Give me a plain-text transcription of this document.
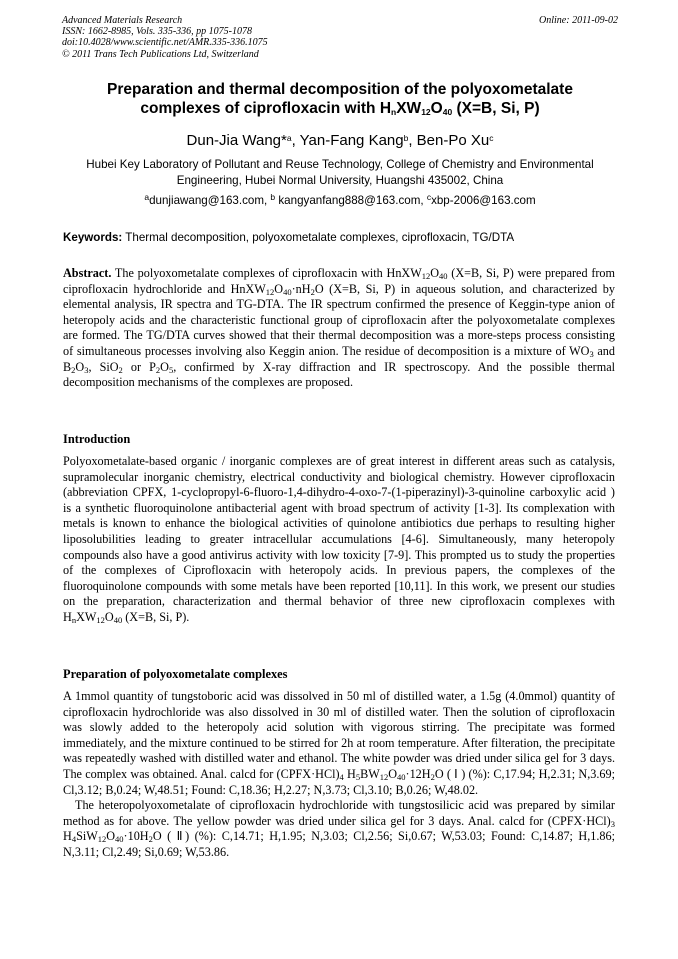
Advanced Materials Research	Online: 2011-09-02
ISSN: 1662-8985, Vols. 335-336, pp 1075-1078
doi:10.4028/www.scientific.net/AMR.335-336.1075
© 2011 Trans Tech Publications Ltd, Switzerland
Preparation and thermal decomposition of the polyoxometalate
complexes of ciprofloxacin with $H_nXW_{12}O_{40}$ (X=B, Si, P)
Dun-Jia Wang*$^a$, Yan-Fang Kang$^b$, Ben-Po Xu$^c$
Hubei Key Laboratory of Pollutant and Reuse Technology, College of Chemistry and Environmental Engineering, Hubei Normal University, Huangshi 435002, China
$^a$dunjiawang@163.com, $^b$ kangyanfang888@163.com, $^c$xbp-2006@163.com
Keywords: Thermal decomposition, polyoxometalate complexes, ciprofloxacin, TG/DTA
Abstract. The polyoxometalate complexes of ciprofloxacin with $HnXW_{12}O_{40}$ (X=B, Si, P) were prepared from ciprofloxacin hydrochloride and $HnXW_{12}O_{40}\cdot nH_2O$ (X=B, Si, P) in aqueous solution, and characterized by elemental analysis, IR spectra and TG-DTA. The IR spectrum confirmed the presence of Keggin-type anion of heteropoly acids and the characteristic functional group of ciprofloxacin after the polyoxometalate complexes are formed. The TG/DTA curves showed that their thermal decomposition was a more-steps process consisting of simultaneous processes involving also Keggin anion. The residue of decomposition is a mixture of $WO_3$ and $B_2O_3$, SiO$_2$ or $P_2O_5$, confirmed by X-ray diffraction and IR spectroscopy. And the possible thermal decomposition mechanisms of the complexes are proposed.
Introduction
Polyoxometalate-based organic / inorganic complexes are of great interest in different areas such as catalysis, supramolecular inorganic chemistry, electrical conductivity and biological chemistry. However ciprofloxacin (abbreviation CPFX, 1-cyclopropyl-6-fluoro-1,4-dihydro-4-oxo-7-(1-piperazinyl)-3-quinoline carboxylic acid ) is a synthetic fluoroquinolone antibacterial agent with broad spectrum of activity [1-3]. Its complexation with metals is known to enhance the biological activities of quinolone antibiotics due perhaps to resulting higher liposolubilities leading to greater intracellular accumulations [4-6]. Simultaneously, many heteropoly compounds also have a good antivirus activity with low toxicity [7-9]. This prompted us to study the properties of the complexes of Ciprofloxacin with heteropoly acids. In previous papers, the complexes of the fluoroquinolone compounds with some metals have been reported [10,11]. In this work, we present our studies on the preparation, characterization and thermal behavior of three new ciprofloxacin complexes with $H_nXW_{12}O_{40}$ (X=B, Si, P).
Preparation of polyoxometalate complexes
A 1mmol quantity of tungstoboric acid was dissolved in 50 ml of distilled water, a 1.5g (4.0mmol) quantity of ciprofloxacin hydrochloride was also dissolved in 30 ml of distilled water. Then the solution of ciprofloxacin was slowly added to the heteropoly acid solution with vigorous stirring. The precipitate was formed immediately, and the mixture continued to be stirred for 2h at room temperature. After filteration, the precipitate was repeatedly washed with distilled water and ethanol. The white powder was dried under silica gel for 3 days. The complex was obtained. Anal. calcd for $(CPFX\cdot HCl)_4$ $H_5BW_{12}O_{40}\cdot 12H_2O$ ( Ⅰ ) (%): C,17.94; H,2.31; N,3.69; Cl,3.12; B,0.24; W,48.51; Found: C,18.36; H,2.27; N,3.73; Cl,3.10; B,0.26; W,48.02.
The heteropolyoxometalate of ciprofloxacin hydrochloride with tungstosilicic acid was prepared by similar method as for above. The yellow powder was dried under silica gel for 3 days. Anal. calcd for $(CPFX\cdot HCl)_3$ $H_4SiW_{12}O_{40}\cdot 10H_2O$ ( Ⅱ) (%): C,14.71; H,1.95; N,3.03; Cl,2.56; Si,0.67; W,53.03; Found: C,14.87; H,1.86; N,3.11; Cl,2.49; Si,0.69; W,53.86.
